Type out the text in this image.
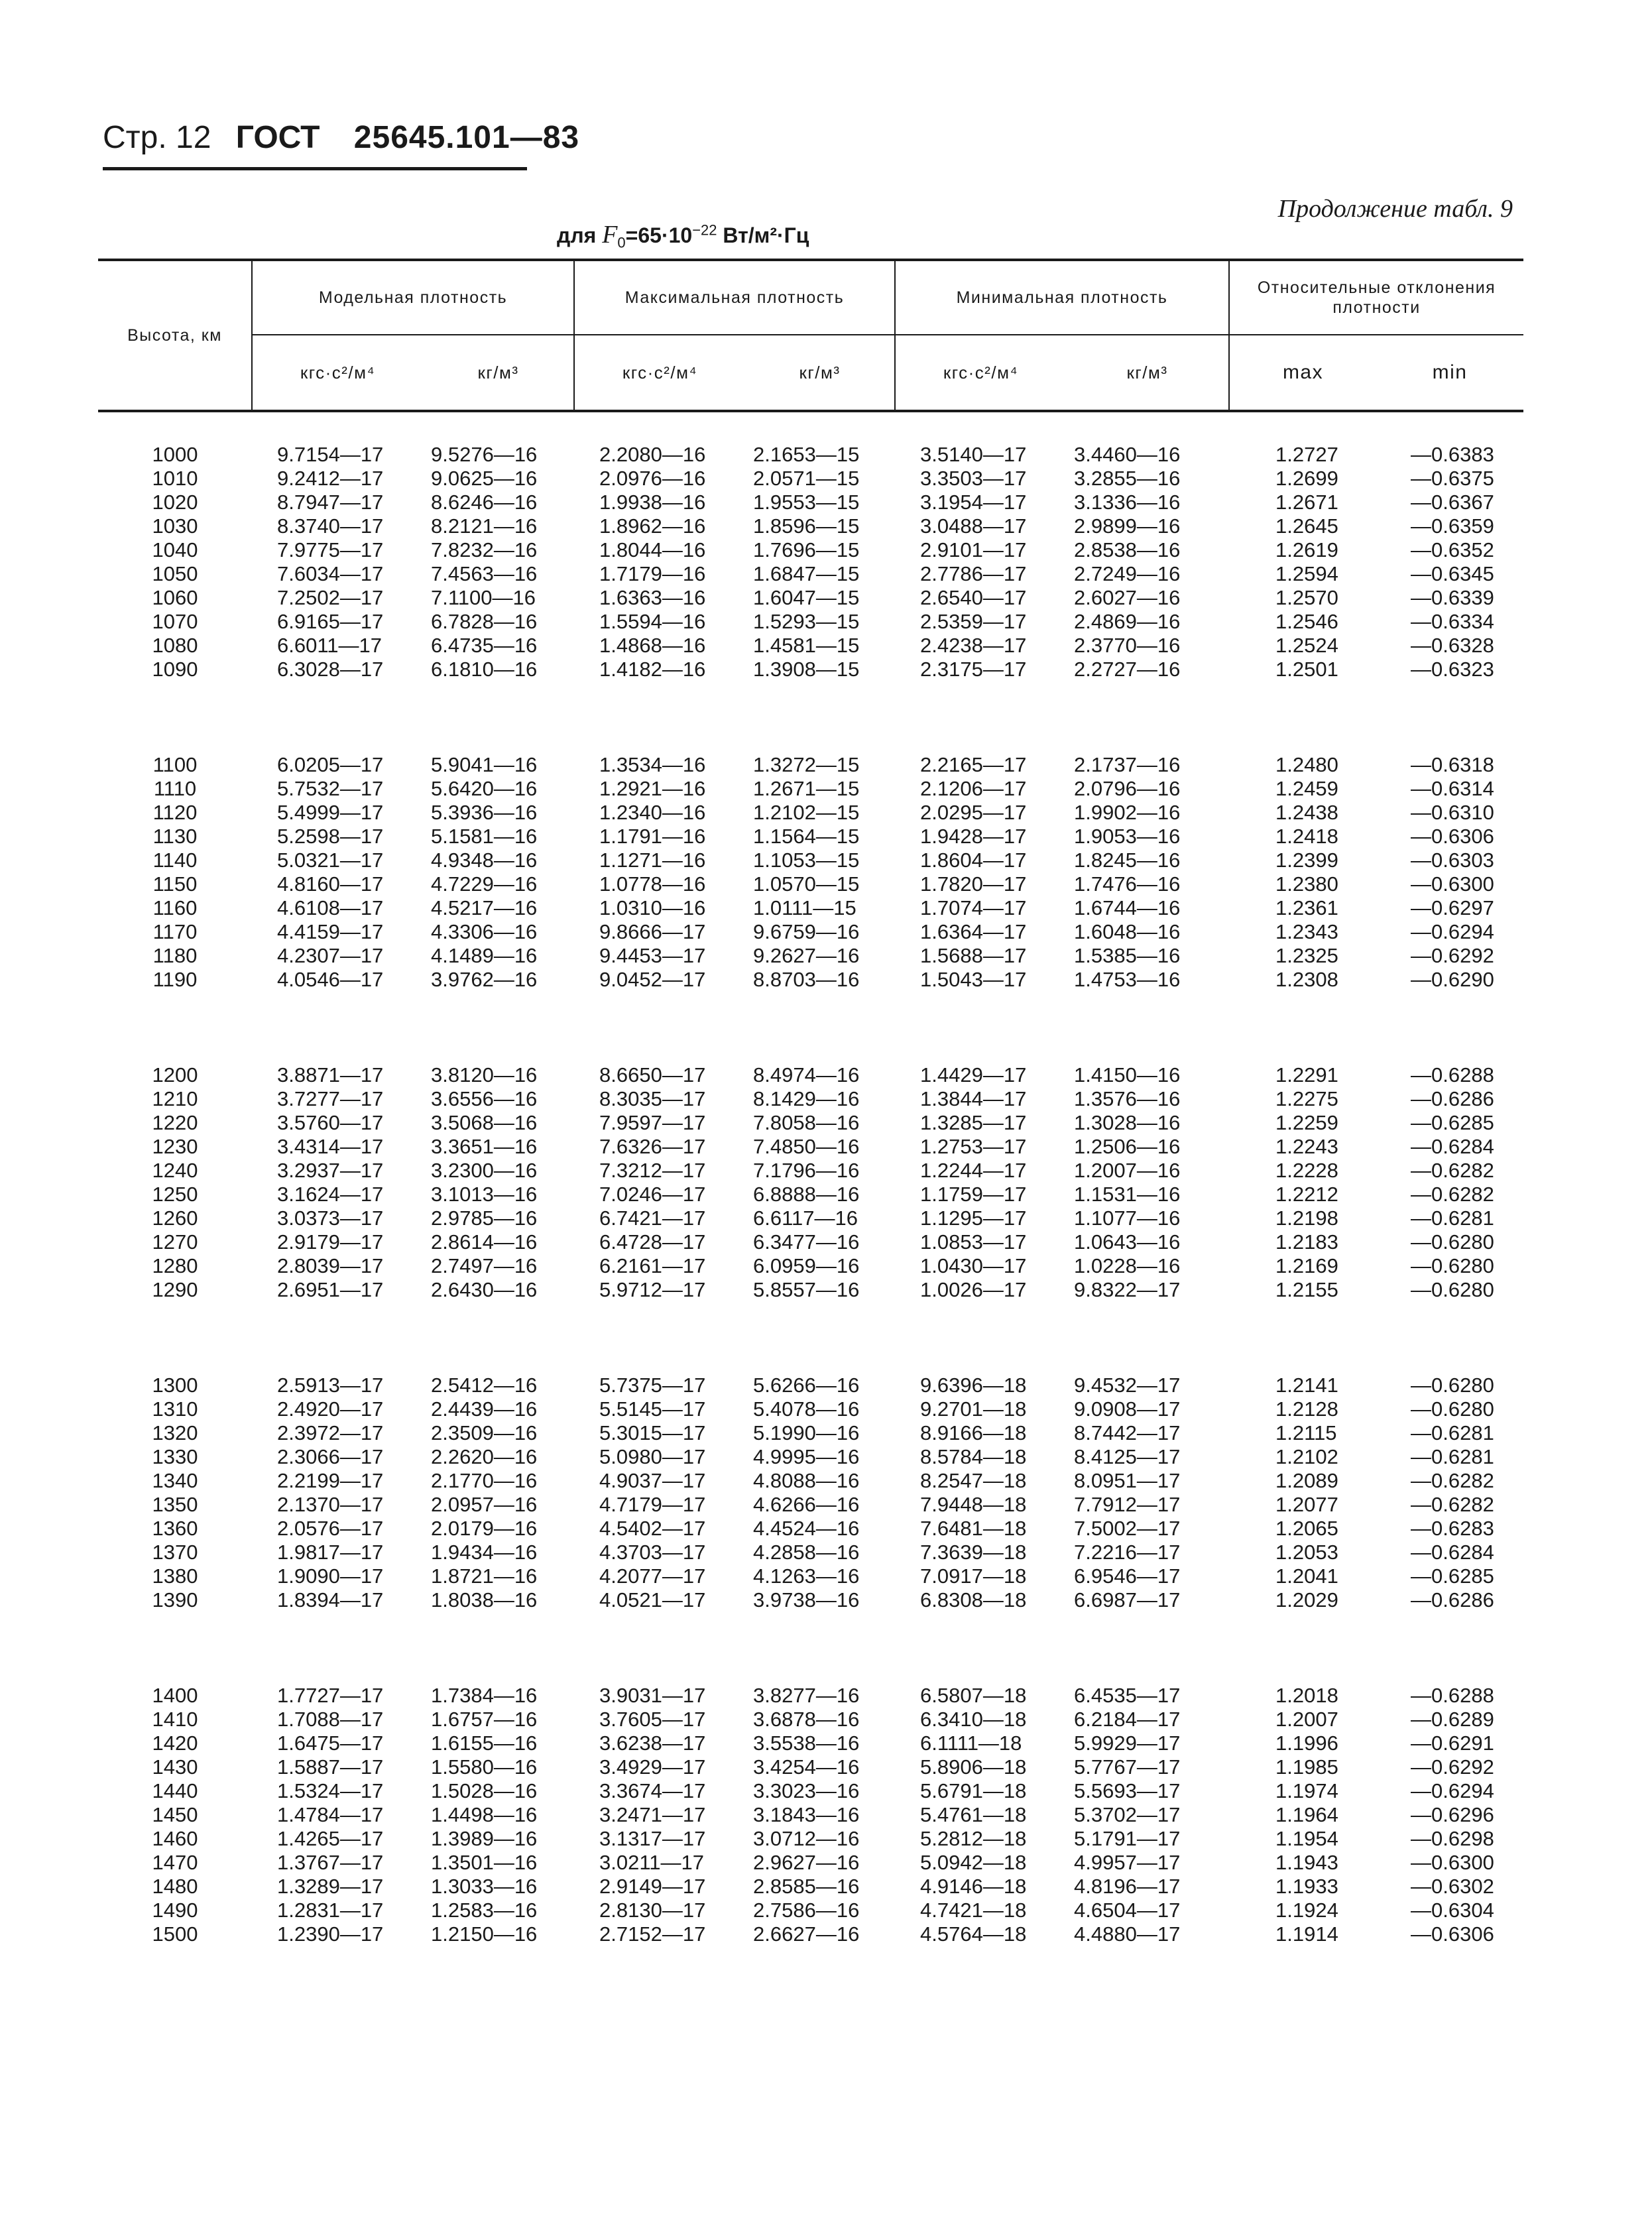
Стр. 12 ГОСТ 25645.101—83
Продолжение табл. 9
для $F_0=65\cdot 10^{-22}$ Вт/м²·Гц
Высота, км	Модельная плотность		Максимальная плотность		Минимальная плотность		Относительные отклонения плотности	
	кгс·с²/м⁴	кг/м³	кгс·с²/м⁴	кг/м³	кгс·с²/м⁴	кг/м³	max	min

1000	9.7154—17	9.5276—16	2.2080—16	2.1653—15	3.5140—17	3.4460—16	1.2727	—0.6383
1010	9.2412—17	9.0625—16	2.0976—16	2.0571—15	3.3503—17	3.2855—16	1.2699	—0.6375
1020	8.7947—17	8.6246—16	1.9938—16	1.9553—15	3.1954—17	3.1336—16	1.2671	—0.6367
1030	8.3740—17	8.2121—16	1.8962—16	1.8596—15	3.0488—17	2.9899—16	1.2645	—0.6359
1040	7.9775—17	7.8232—16	1.8044—16	1.7696—15	2.9101—17	2.8538—16	1.2619	—0.6352
1050	7.6034—17	7.4563—16	1.7179—16	1.6847—15	2.7786—17	2.7249—16	1.2594	—0.6345
1060	7.2502—17	7.1100—16	1.6363—16	1.6047—15	2.6540—17	2.6027—16	1.2570	—0.6339
1070	6.9165—17	6.7828—16	1.5594—16	1.5293—15	2.5359—17	2.4869—16	1.2546	—0.6334
1080	6.6011—17	6.4735—16	1.4868—16	1.4581—15	2.4238—17	2.3770—16	1.2524	—0.6328
1090	6.3028—17	6.1810—16	1.4182—16	1.3908—15	2.3175—17	2.2727—16	1.2501	—0.6323

1100	6.0205—17	5.9041—16	1.3534—16	1.3272—15	2.2165—17	2.1737—16	1.2480	—0.6318
1110	5.7532—17	5.6420—16	1.2921—16	1.2671—15	2.1206—17	2.0796—16	1.2459	—0.6314
1120	5.4999—17	5.3936—16	1.2340—16	1.2102—15	2.0295—17	1.9902—16	1.2438	—0.6310
1130	5.2598—17	5.1581—16	1.1791—16	1.1564—15	1.9428—17	1.9053—16	1.2418	—0.6306
1140	5.0321—17	4.9348—16	1.1271—16	1.1053—15	1.8604—17	1.8245—16	1.2399	—0.6303
1150	4.8160—17	4.7229—16	1.0778—16	1.0570—15	1.7820—17	1.7476—16	1.2380	—0.6300
1160	4.6108—17	4.5217—16	1.0310—16	1.0111—15	1.7074—17	1.6744—16	1.2361	—0.6297
1170	4.4159—17	4.3306—16	9.8666—17	9.6759—16	1.6364—17	1.6048—16	1.2343	—0.6294
1180	4.2307—17	4.1489—16	9.4453—17	9.2627—16	1.5688—17	1.5385—16	1.2325	—0.6292
1190	4.0546—17	3.9762—16	9.0452—17	8.8703—16	1.5043—17	1.4753—16	1.2308	—0.6290

1200	3.8871—17	3.8120—16	8.6650—17	8.4974—16	1.4429—17	1.4150—16	1.2291	—0.6288
1210	3.7277—17	3.6556—16	8.3035—17	8.1429—16	1.3844—17	1.3576—16	1.2275	—0.6286
1220	3.5760—17	3.5068—16	7.9597—17	7.8058—16	1.3285—17	1.3028—16	1.2259	—0.6285
1230	3.4314—17	3.3651—16	7.6326—17	7.4850—16	1.2753—17	1.2506—16	1.2243	—0.6284
1240	3.2937—17	3.2300—16	7.3212—17	7.1796—16	1.2244—17	1.2007—16	1.2228	—0.6282
1250	3.1624—17	3.1013—16	7.0246—17	6.8888—16	1.1759—17	1.1531—16	1.2212	—0.6282
1260	3.0373—17	2.9785—16	6.7421—17	6.6117—16	1.1295—17	1.1077—16	1.2198	—0.6281
1270	2.9179—17	2.8614—16	6.4728—17	6.3477—16	1.0853—17	1.0643—16	1.2183	—0.6280
1280	2.8039—17	2.7497—16	6.2161—17	6.0959—16	1.0430—17	1.0228—16	1.2169	—0.6280
1290	2.6951—17	2.6430—16	5.9712—17	5.8557—16	1.0026—17	9.8322—17	1.2155	—0.6280

1300	2.5913—17	2.5412—16	5.7375—17	5.6266—16	9.6396—18	9.4532—17	1.2141	—0.6280
1310	2.4920—17	2.4439—16	5.5145—17	5.4078—16	9.2701—18	9.0908—17	1.2128	—0.6280
1320	2.3972—17	2.3509—16	5.3015—17	5.1990—16	8.9166—18	8.7442—17	1.2115	—0.6281
1330	2.3066—17	2.2620—16	5.0980—17	4.9995—16	8.5784—18	8.4125—17	1.2102	—0.6281
1340	2.2199—17	2.1770—16	4.9037—17	4.8088—16	8.2547—18	8.0951—17	1.2089	—0.6282
1350	2.1370—17	2.0957—16	4.7179—17	4.6266—16	7.9448—18	7.7912—17	1.2077	—0.6282
1360	2.0576—17	2.0179—16	4.5402—17	4.4524—16	7.6481—18	7.5002—17	1.2065	—0.6283
1370	1.9817—17	1.9434—16	4.3703—17	4.2858—16	7.3639—18	7.2216—17	1.2053	—0.6284
1380	1.9090—17	1.8721—16	4.2077—17	4.1263—16	7.0917—18	6.9546—17	1.2041	—0.6285
1390	1.8394—17	1.8038—16	4.0521—17	3.9738—16	6.8308—18	6.6987—17	1.2029	—0.6286

1400	1.7727—17	1.7384—16	3.9031—17	3.8277—16	6.5807—18	6.4535—17	1.2018	—0.6288
1410	1.7088—17	1.6757—16	3.7605—17	3.6878—16	6.3410—18	6.2184—17	1.2007	—0.6289
1420	1.6475—17	1.6155—16	3.6238—17	3.5538—16	6.1111—18	5.9929—17	1.1996	—0.6291
1430	1.5887—17	1.5580—16	3.4929—17	3.4254—16	5.8906—18	5.7767—17	1.1985	—0.6292
1440	1.5324—17	1.5028—16	3.3674—17	3.3023—16	5.6791—18	5.5693—17	1.1974	—0.6294
1450	1.4784—17	1.4498—16	3.2471—17	3.1843—16	5.4761—18	5.3702—17	1.1964	—0.6296
1460	1.4265—17	1.3989—16	3.1317—17	3.0712—16	5.2812—18	5.1791—17	1.1954	—0.6298
1470	1.3767—17	1.3501—16	3.0211—17	2.9627—16	5.0942—18	4.9957—17	1.1943	—0.6300
1480	1.3289—17	1.3033—16	2.9149—17	2.8585—16	4.9146—18	4.8196—17	1.1933	—0.6302
1490	1.2831—17	1.2583—16	2.8130—17	2.7586—16	4.7421—18	4.6504—17	1.1924	—0.6304
1500	1.2390—17	1.2150—16	2.7152—17	2.6627—16	4.5764—18	4.4880—17	1.1914	—0.6306
